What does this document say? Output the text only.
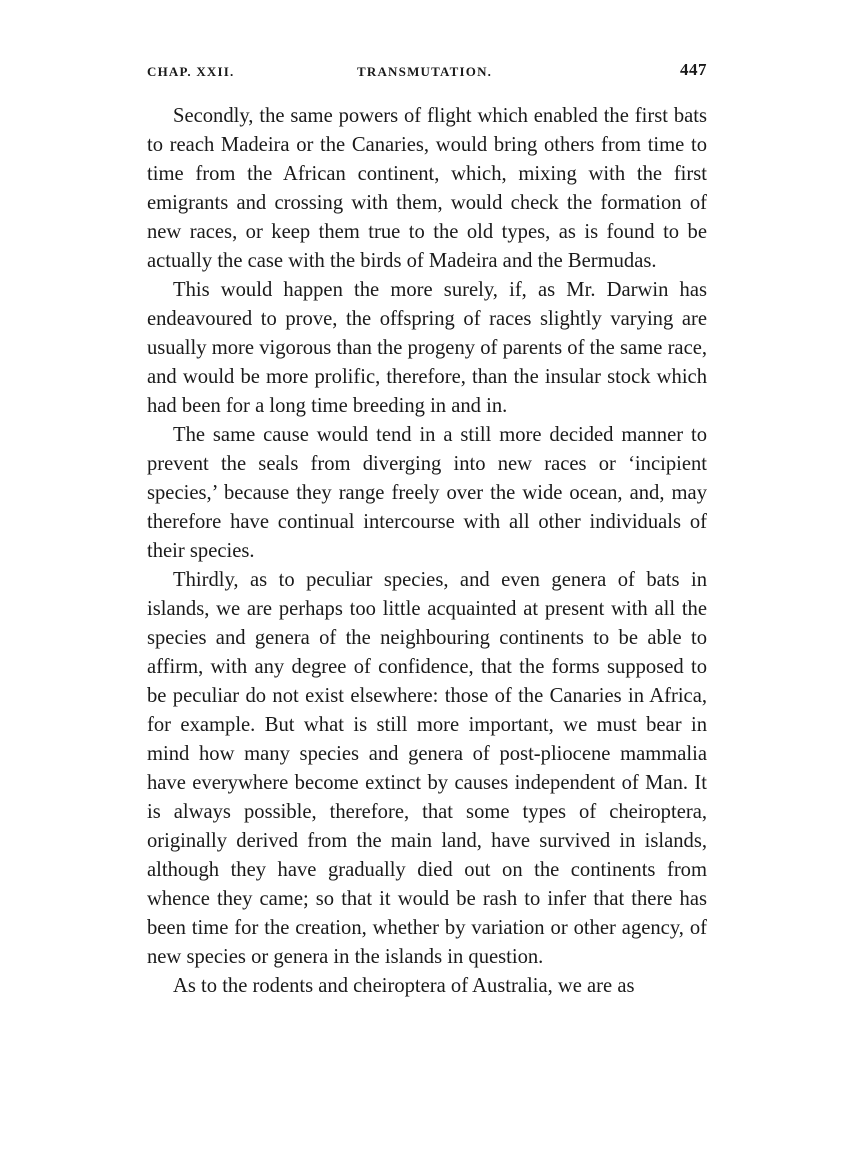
CHAP. XXII.	TRANSMUTATION.	447

Secondly, the same powers of flight which enabled the first bats to reach Madeira or the Canaries, would bring others from time to time from the African continent, which, mixing with the first emigrants and crossing with them, would check the formation of new races, or keep them true to the old types, as is found to be actually the case with the birds of Madeira and the Bermudas.

This would happen the more surely, if, as Mr. Darwin has endeavoured to prove, the offspring of races slightly varying are usually more vigorous than the progeny of parents of the same race, and would be more prolific, therefore, than the insular stock which had been for a long time breeding in and in.

The same cause would tend in a still more decided manner to prevent the seals from diverging into new races or ‘incipient species,’ because they range freely over the wide ocean, and, may therefore have continual intercourse with all other individuals of their species.

Thirdly, as to peculiar species, and even genera of bats in islands, we are perhaps too little acquainted at present with all the species and genera of the neighbouring continents to be able to affirm, with any degree of confidence, that the forms supposed to be peculiar do not exist elsewhere: those of the Canaries in Africa, for example. But what is still more important, we must bear in mind how many species and genera of post-pliocene mammalia have everywhere become extinct by causes independent of Man. It is always possible, therefore, that some types of cheiroptera, originally derived from the main land, have survived in islands, although they have gradually died out on the continents from whence they came; so that it would be rash to infer that there has been time for the creation, whether by variation or other agency, of new species or genera in the islands in question.

As to the rodents and cheiroptera of Australia, we are as
